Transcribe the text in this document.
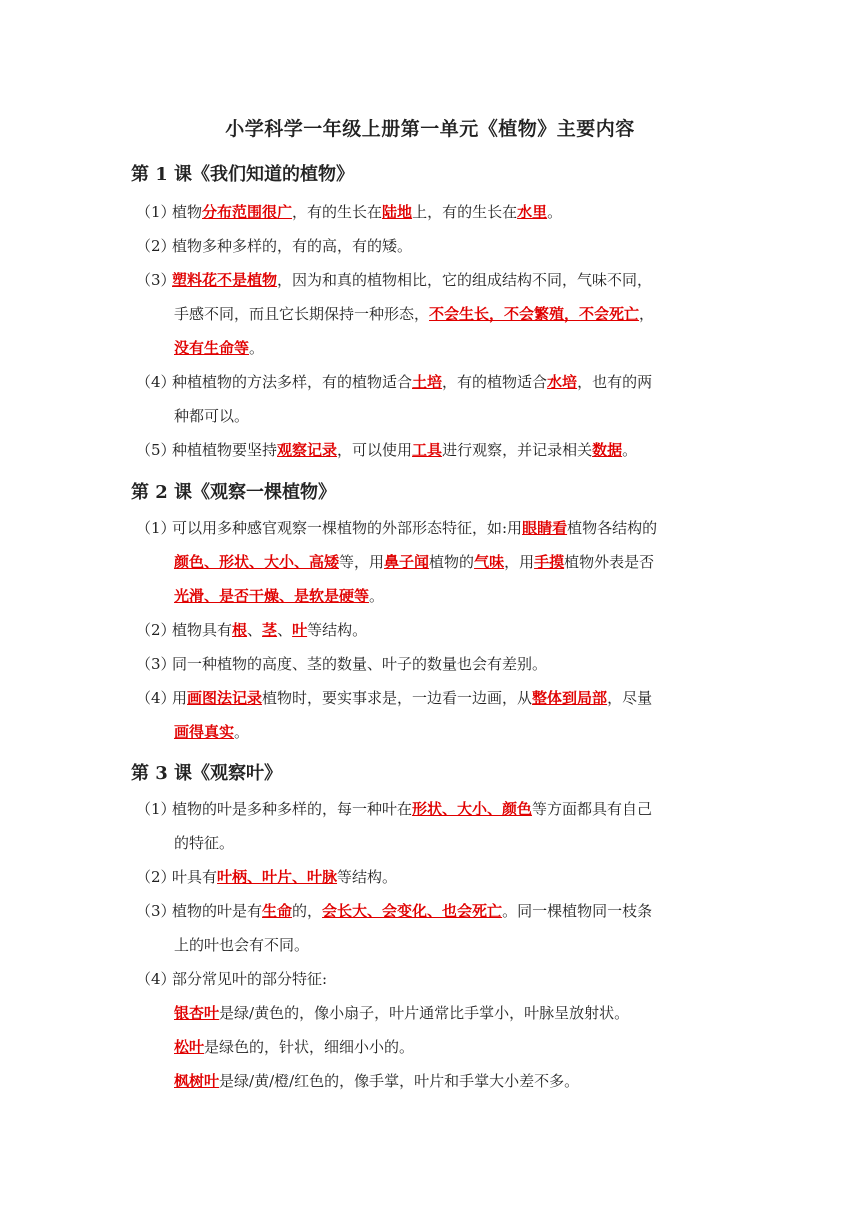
小学科学一年级上册第一单元《植物》主要内容
第 1 课《我们知道的植物》
（1）植物分布范围很广，有的生长在陆地上，有的生长在水里。
（2）植物多种多样的，有的高，有的矮。
（3）塑料花不是植物，因为和真的植物相比，它的组成结构不同，气味不同，
手感不同，而且它长期保持一种形态，不会生长，不会繁殖，不会死亡，
没有生命等。
（4）种植植物的方法多样，有的植物适合土培，有的植物适合水培，也有的两
种都可以。
（5）种植植物要坚持观察记录，可以使用工具进行观察，并记录相关数据。
第 2 课《观察一棵植物》
（1）可以用多种感官观察一棵植物的外部形态特征，如:用眼睛看植物各结构的
颜色、形状、大小、高矮等，用鼻子闻植物的气味，用手摸植物外表是否
光滑、是否干燥、是软是硬等。
（2）植物具有根、茎、叶等结构。
（3）同一种植物的高度、茎的数量、叶子的数量也会有差别。
（4）用画图法记录植物时，要实事求是，一边看一边画，从整体到局部，尽量
画得真实。
第 3 课《观察叶》
（1）植物的叶是多种多样的，每一种叶在形状、大小、颜色等方面都具有自己
的特征。
（2）叶具有叶柄、叶片、叶脉等结构。
（3）植物的叶是有生命的，会长大、会变化、也会死亡。同一棵植物同一枝条
上的叶也会有不同。
（4）部分常见叶的部分特征:
银杏叶是绿/黄色的，像小扇子，叶片通常比手掌小，叶脉呈放射状。
松叶是绿色的，针状，细细小小的。
枫树叶是绿/黄/橙/红色的，像手掌，叶片和手掌大小差不多。
